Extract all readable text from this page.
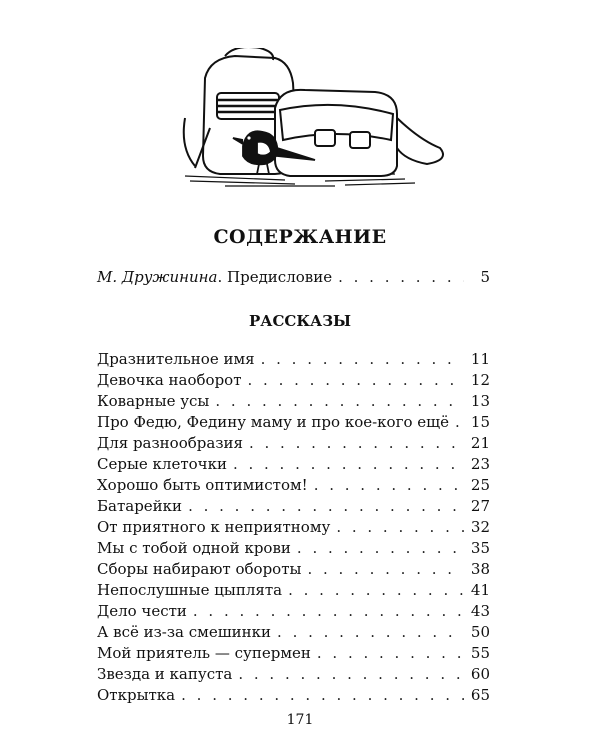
СОДЕРЖАНИЕ
М. Дружинина . Предисловие . . .	5
РАССКАЗЫ
Дразнительное имя . . .	11
Девочка наоборот . . .	12
Коварные усы . . .	13
Про Федю, Федину маму и про кое-кого ещё . . . 15
Для разнообразия . . .	21
Серые клеточки . . .	23
Хорошо быть оптимистом! . . .	25
Батарейки . . .	27
От приятного к неприятному . . .	32
Мы с тобой одной крови . . .	35
Сборы набирают обороты . . .	38
Непослушные цыплята . . .	41
Дело чести . . .	43
А всё из-за смешинки . . .	50
Мой приятель — супермен . . .	55
Звезда и капуста . . .	60
Открытка . . .	65
171
